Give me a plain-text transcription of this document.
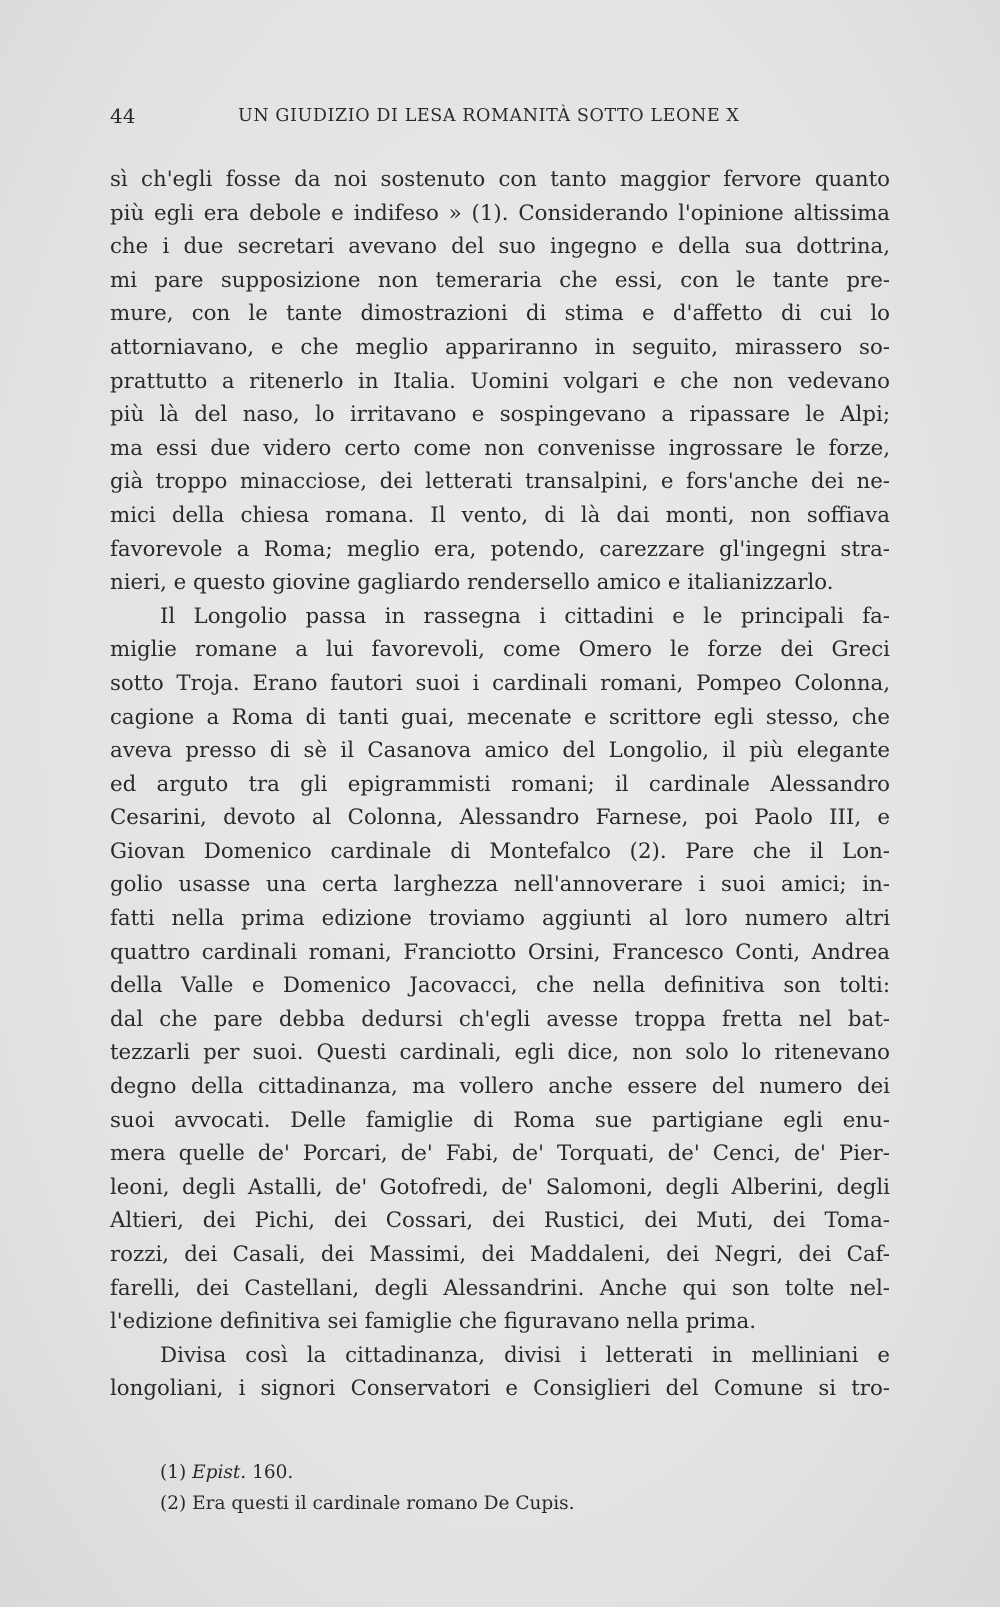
44	UN GIUDIZIO DI LESA ROMANITÀ SOTTO LEONE X
sì ch'egli fosse da noi sostenuto con tanto maggior fervore quanto
più egli era debole e indifeso » (1). Considerando l'opinione altissima
che i due secretari avevano del suo ingegno e della sua dottrina,
mi pare supposizione non temeraria che essi, con le tante pre-
mure, con le tante dimostrazioni di stima e d'affetto di cui lo
attorniavano, e che meglio appariranno in seguito, mirassero so-
prattutto a ritenerlo in Italia. Uomini volgari e che non vedevano
più là del naso, lo irritavano e sospingevano a ripassare le Alpi;
ma essi due videro certo come non convenisse ingrossare le forze,
già troppo minacciose, dei letterati transalpini, e fors'anche dei ne-
mici della chiesa romana. Il vento, di là dai monti, non soffiava
favorevole a Roma; meglio era, potendo, carezzare gl'ingegni stra-
nieri, e questo giovine gagliardo rendersello amico e italianizzarlo.
Il Longolio passa in rassegna i cittadini e le principali fa-
miglie romane a lui favorevoli, come Omero le forze dei Greci
sotto Troja. Erano fautori suoi i cardinali romani, Pompeo Colonna,
cagione a Roma di tanti guai, mecenate e scrittore egli stesso, che
aveva presso di sè il Casanova amico del Longolio, il più elegante
ed arguto tra gli epigrammisti romani; il cardinale Alessandro
Cesarini, devoto al Colonna, Alessandro Farnese, poi Paolo III, e
Giovan Domenico cardinale di Montefalco (2). Pare che il Lon-
golio usasse una certa larghezza nell'annoverare i suoi amici; in-
fatti nella prima edizione troviamo aggiunti al loro numero altri
quattro cardinali romani, Franciotto Orsini, Francesco Conti, Andrea
della Valle e Domenico Jacovacci, che nella definitiva son tolti:
dal che pare debba dedursi ch'egli avesse troppa fretta nel bat-
tezzarli per suoi. Questi cardinali, egli dice, non solo lo ritenevano
degno della cittadinanza, ma vollero anche essere del numero dei
suoi avvocati. Delle famiglie di Roma sue partigiane egli enu-
mera quelle de' Porcari, de' Fabi, de' Torquati, de' Cenci, de' Pier-
leoni, degli Astalli, de' Gotofredi, de' Salomoni, degli Alberini, degli
Altieri, dei Pichi, dei Cossari, dei Rustici, dei Muti, dei Toma-
rozzi, dei Casali, dei Massimi, dei Maddaleni, dei Negri, dei Caf-
farelli, dei Castellani, degli Alessandrini. Anche qui son tolte nel-
l'edizione definitiva sei famiglie che figuravano nella prima.
Divisa così la cittadinanza, divisi i letterati in melliniani e
longoliani, i signori Conservatori e Consiglieri del Comune si tro-
(1) Epist. 160.
(2) Era questi il cardinale romano De Cupis.
